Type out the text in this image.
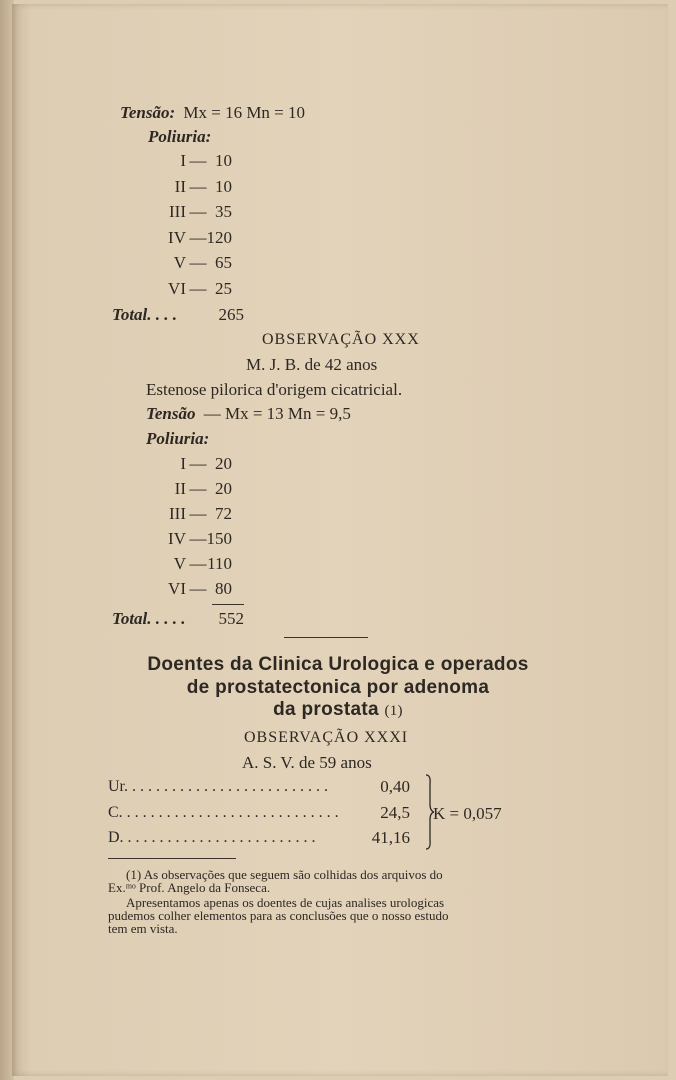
Tensão: Mx = 16 Mn = 10
Poliuria:
I — 10
II — 10
III — 35
IV — 120
V — 65
VI — 25
Total. . . .	265
OBSERVAÇÃO XXX
M. J. B. de 42 anos
Estenose pilorica d'origem cicatricial.
Tensão — Mx = 13 Mn = 9,5
Poliuria:
I — 20
II — 20
III — 72
IV — 150
V — 110
VI — 80
Total. . . . .	552
Doentes da Clinica Urologica e operados
de prostatectonica por adenoma
da prostata (1)
OBSERVAÇÃO XXXI
A. S. V. de 59 anos
Ur. . . . . . . . . . . . . . . . . . . . . . . . . .	0,40
C. . . . . . . . . . . . . . . . . . . . . . . . . . . .	24,5
D. . . . . . . . . . . . . . . . . . . . . . . . .	41,16
K = 0,057
(1) As observações que seguem são colhidas dos arquivos do
Ex.ᵐᵒ Prof. Angelo da Fonseca.
Apresentamos apenas os doentes de cujas analises urologicas
pudemos colher elementos para as conclusões que o nosso estudo
tem em vista.
